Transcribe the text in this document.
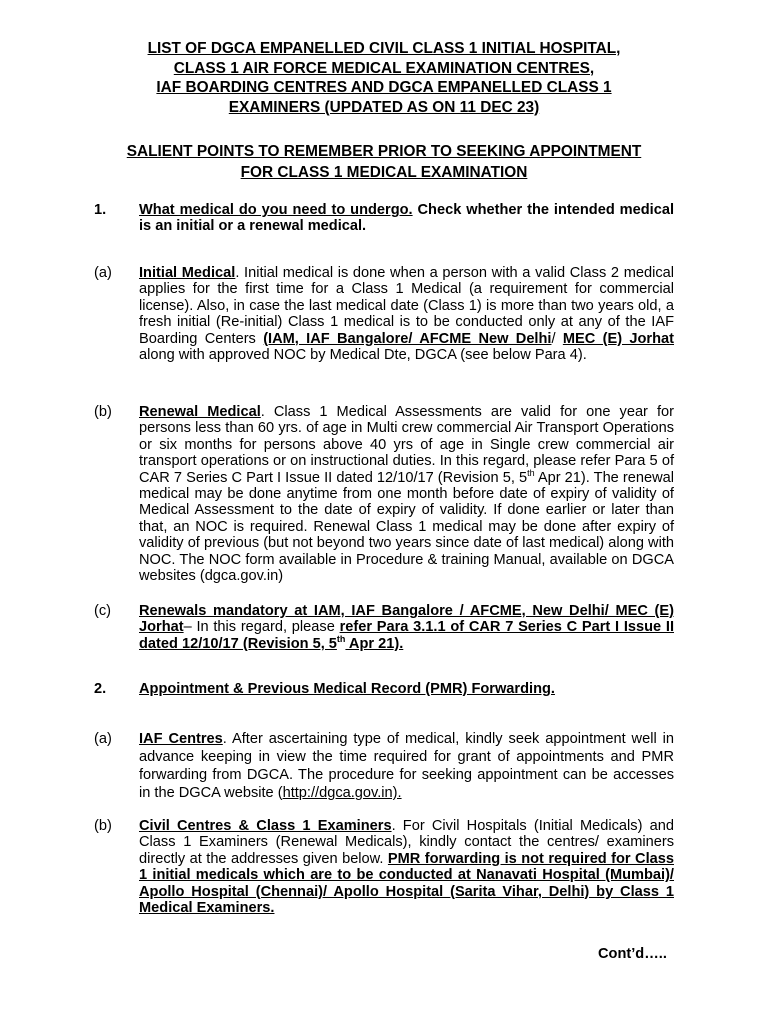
LIST OF DGCA EMPANELLED CIVIL CLASS 1 INITIAL HOSPITAL,
CLASS 1 AIR FORCE MEDICAL EXAMINATION CENTRES,
IAF BOARDING CENTRES AND DGCA EMPANELLED CLASS 1
EXAMINERS (UPDATED AS ON 11 DEC 23)
SALIENT POINTS TO REMEMBER PRIOR TO SEEKING APPOINTMENT
FOR CLASS 1 MEDICAL EXAMINATION
1. What medical do you need to undergo. Check whether the intended medical is an initial or a renewal medical.

(a) Initial Medical. Initial medical is done when a person with a valid Class 2 medical applies for the first time for a Class 1 Medical (a requirement for commercial license). Also, in case the last medical date (Class 1) is more than two years old, a fresh initial (Re-initial) Class 1 medical is to be conducted only at any of the IAF Boarding Centers (IAM, IAF Bangalore/ AFCME New Delhi/ MEC (E) Jorhat along with approved NOC by Medical Dte, DGCA (see below Para 4).

(b) Renewal Medical. Class 1 Medical Assessments are valid for one year for persons less than 60 yrs. of age in Multi crew commercial Air Transport Operations or six months for persons above 40 yrs of age in Single crew commercial air transport operations or on instructional duties. In this regard, please refer Para 5 of CAR 7 Series C Part I Issue II dated 12/10/17 (Revision 5, 5th Apr 21). The renewal medical may be done anytime from one month before date of expiry of validity of Medical Assessment to the date of expiry of validity. If done earlier or later than that, an NOC is required. Renewal Class 1 medical may be done after expiry of validity of previous (but not beyond two years since date of last medical) along with NOC. The NOC form available in Procedure & training Manual, available on DGCA websites (dgca.gov.in)

(c) Renewals mandatory at IAM, IAF Bangalore / AFCME, New Delhi/ MEC (E) Jorhat– In this regard, please refer Para 3.1.1 of CAR 7 Series C Part I Issue II dated 12/10/17 (Revision 5, 5th Apr 21).

2. Appointment & Previous Medical Record (PMR) Forwarding.

(a) IAF Centres. After ascertaining type of medical, kindly seek appointment well in advance keeping in view the time required for grant of appointments and PMR forwarding from DGCA. The procedure for seeking appointment can be accesses in the DGCA website (http://dgca.gov.in).

(b) Civil Centres & Class 1 Examiners. For Civil Hospitals (Initial Medicals) and Class 1 Examiners (Renewal Medicals), kindly contact the centres/ examiners directly at the addresses given below. PMR forwarding is not required for Class 1 initial medicals which are to be conducted at Nanavati Hospital (Mumbai)/ Apollo Hospital (Chennai)/ Apollo Hospital (Sarita Vihar, Delhi) by Class 1 Medical Examiners.

Cont’d…..
